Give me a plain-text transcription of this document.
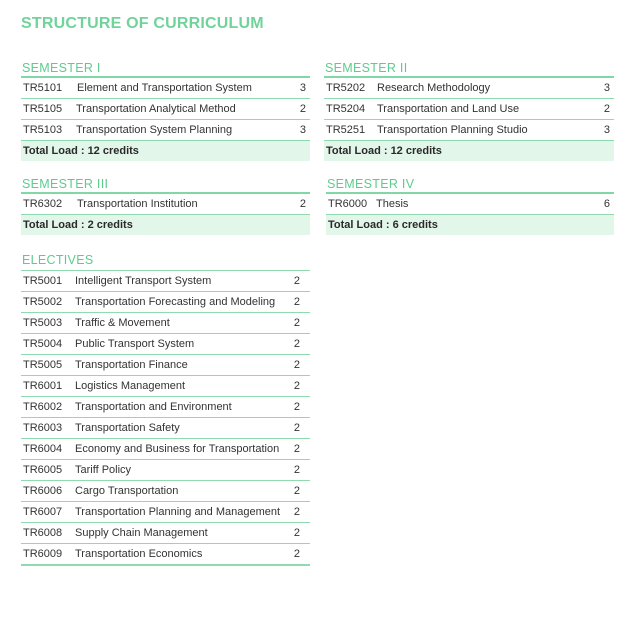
STRUCTURE OF CURRICULUM
SEMESTER I
TR5101 Element and Transportation System	3
TR5105 Transportation Analytical Method	2
TR5103 Transportation System Planning	3
Total Load : 12 credits
SEMESTER II
TR5202 Research Methodology	3
TR5204 Transportation and Land Use	2
TR5251 Transportation Planning Studio	3
Total Load : 12 credits
SEMESTER III
TR6302 Transportation Institution	2
Total Load : 2 credits
SEMESTER IV
TR6000 Thesis	6
Total Load : 6 credits
ELECTIVES
TR5001 Intelligent Transport System	2
TR5002 Transportation Forecasting and Modeling 2
TR5003 Traffic & Movement	2
TR5004 Public Transport System	2
TR5005 Transportation Finance	2
TR6001 Logistics Management	2
TR6002 Transportation and Environment	2
TR6003 Transportation Safety	2
TR6004 Economy and Business for Transportation 2
TR6005 Tariff Policy	2
TR6006 Cargo Transportation	2
TR6007 Transportation Planning and Management 2
TR6008 Supply Chain Management	2
TR6009 Transportation Economics	2
